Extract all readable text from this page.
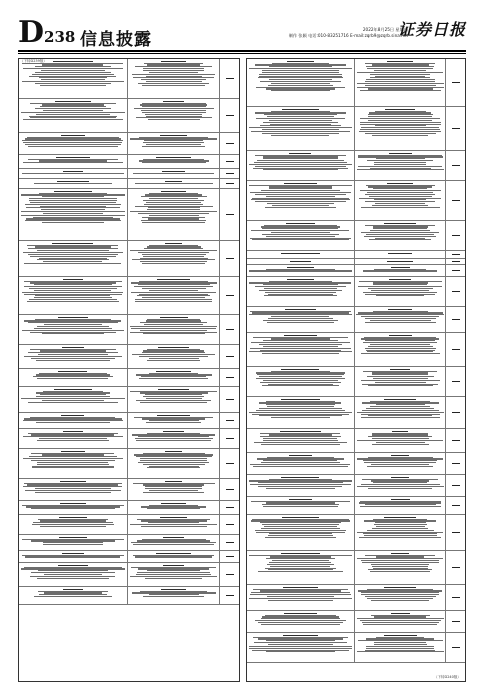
D238 信息披露
2022年8月25日 星期四
制作 张颖 电话:010-83251716 E-mail:zqrb9@zqrb.sina.net
证券日报
（下转D239版）
（下转D240版）
